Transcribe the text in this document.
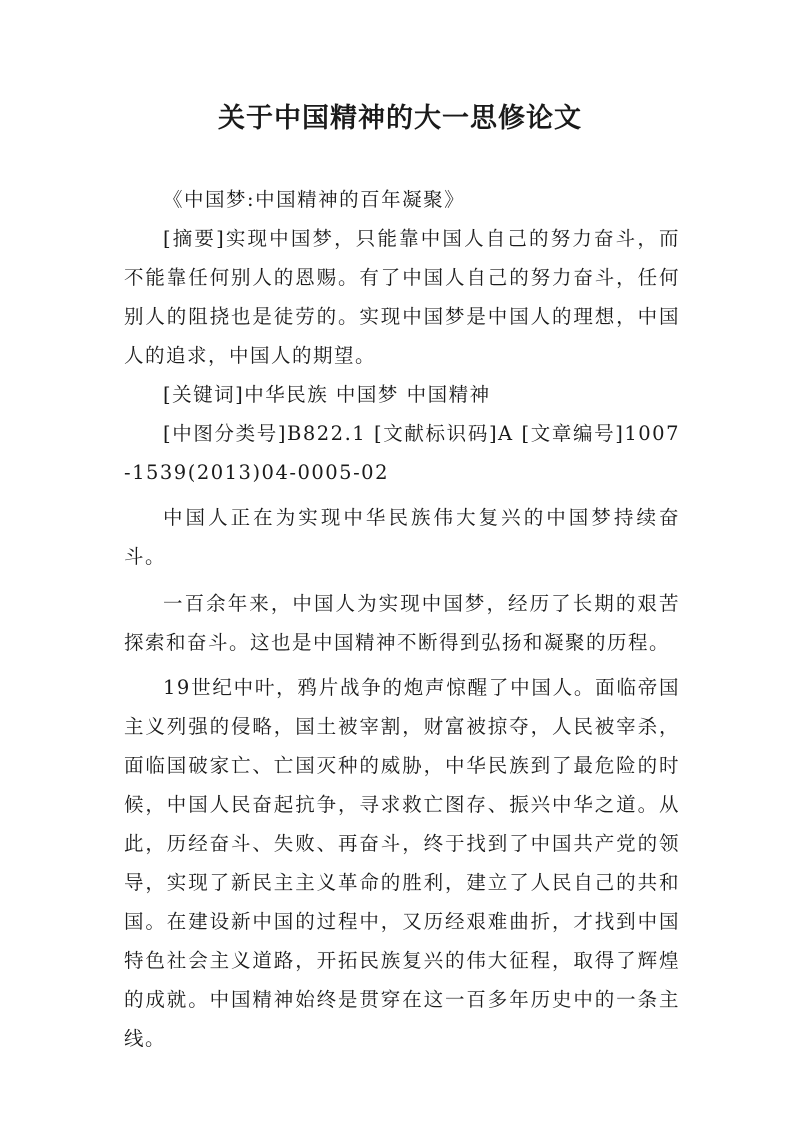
关于中国精神的大一思修论文

《中国梦:中国精神的百年凝聚》

[摘要]实现中国梦，只能靠中国人自己的努力奋斗，而不能靠任何别人的恩赐。有了中国人自己的努力奋斗，任何别人的阻挠也是徒劳的。实现中国梦是中国人的理想，中国人的追求，中国人的期望。

[关键词]中华民族 中国梦 中国精神

[中图分类号]B822.1 [文献标识码]A [文章编号]1007-1539(2013)04-0005-02

中国人正在为实现中华民族伟大复兴的中国梦持续奋斗。

一百余年来，中国人为实现中国梦，经历了长期的艰苦探索和奋斗。这也是中国精神不断得到弘扬和凝聚的历程。

19世纪中叶，鸦片战争的炮声惊醒了中国人。面临帝国主义列强的侵略，国土被宰割，财富被掠夺，人民被宰杀，面临国破家亡、亡国灭种的威胁，中华民族到了最危险的时候，中国人民奋起抗争，寻求救亡图存、振兴中华之道。从此，历经奋斗、失败、再奋斗，终于找到了中国共产党的领导，实现了新民主主义革命的胜利，建立了人民自己的共和国。在建设新中国的过程中，又历经艰难曲折，才找到中国特色社会主义道路，开拓民族复兴的伟大征程，取得了辉煌的成就。中国精神始终是贯穿在这一百多年历史中的一条主线。
